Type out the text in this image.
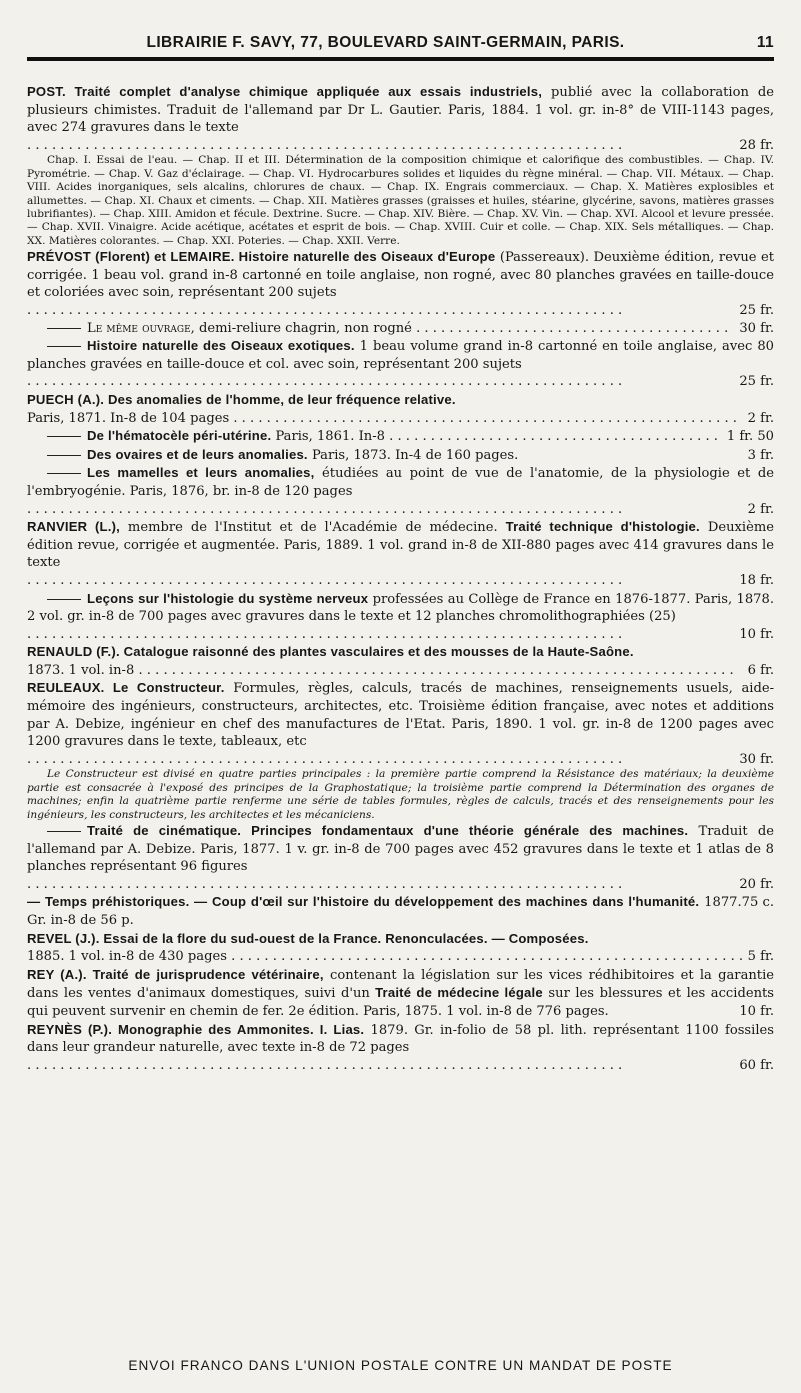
LIBRAIRIE F. SAVY, 77, BOULEVARD SAINT-GERMAIN, PARIS.	11

POST. Traité complet d'analyse chimique appliquée aux essais industriels, publié avec la collaboration de plusieurs chimistes. Traduit de l'allemand par Dr L. Gautier. Paris, 1884. 1 vol. gr. in-8° de VIII-1143 pages, avec 274 gravures dans le texte
. . .
28 fr.

Chap. I. Essai de l'eau. — Chap. II et III. Détermination de la composition chimique et calorifique des combustibles. — Chap. IV. Pyrométrie. — Chap. V. Gaz d'éclairage. — Chap. VI. Hydrocarbures solides et liquides du règne minéral. — Chap. VII. Métaux. — Chap. VIII. Acides inorganiques, sels alcalins, chlorures de chaux. — Chap. IX. Engrais commerciaux. — Chap. X. Matières explosibles et allumettes. — Chap. XI. Chaux et ciments. — Chap. XII. Matières grasses (graisses et huiles, stéarine, glycérine, savons, matières grasses lubrifiantes). — Chap. XIII. Amidon et fécule. Dextrine. Sucre. — Chap. XIV. Bière. — Chap. XV. Vin. — Chap. XVI. Alcool et levure pressée. — Chap. XVII. Vinaigre. Acide acétique, acétates et esprit de bois. — Chap. XVIII. Cuir et colle. — Chap. XIX. Sels métalliques. — Chap. XX. Matières colorantes. — Chap. XXI. Poteries. — Chap. XXII. Verre.

PRÉVOST (Florent) et LEMAIRE. Histoire naturelle des Oiseaux d'Europe (Passereaux). Deuxième édition, revue et corrigée. 1 beau vol. grand in-8 cartonné en toile anglaise, non rogné, avec 80 planches gravées en taille-douce et coloriées avec soin, représentant 200 sujets
. . .
25 fr.

Le même ouvrage, demi-reliure chagrin, non rogné . . .	30 fr.

Histoire naturelle des Oiseaux exotiques. 1 beau volume grand in-8 cartonné en toile anglaise, avec 80 planches gravées en taille-douce et col. avec soin, représentant 200 sujets
. . .
25 fr.

PUECH (A.). Des anomalies de l'homme, de leur fréquence relative.
Paris, 1871. In-8 de 104 pages . . .	2 fr.

De l'hématocèle péri-utérine. Paris, 1861. In-8 . . .	1 fr. 50

Des ovaires et de leurs anomalies. Paris, 1873. In-4 de 160 pages.	3 fr.

Les mamelles et leurs anomalies, étudiées au point de vue de l'anatomie, de la physiologie et de l'embryogénie. Paris, 1876, br. in-8 de 120 pages
. . .
2 fr.

RANVIER (L.), membre de l'Institut et de l'Académie de médecine. Traité technique d'histologie. Deuxième édition revue, corrigée et augmentée. Paris, 1889. 1 vol. grand in-8 de XII-880 pages avec 414 gravures dans le texte
. . .
18 fr.

Leçons sur l'histologie du système nerveux professées au Collège de France en 1876-1877. Paris, 1878. 2 vol. gr. in-8 de 700 pages avec gravures dans le texte et 12 planches chromolithographiées (25)
. . .
10 fr.

RENAULD (F.). Catalogue raisonné des plantes vasculaires et des mousses de la Haute-Saône.
1873. 1 vol. in-8 . . .	6 fr.

REULEAUX. Le Constructeur. Formules, règles, calculs, tracés de machines, renseignements usuels, aide-mémoire des ingénieurs, constructeurs, architectes, etc. Troisième édition française, avec notes et additions par A. Debize, ingénieur en chef des manufactures de l'Etat. Paris, 1890. 1 vol. gr. in-8 de 1200 pages avec 1200 gravures dans le texte, tableaux, etc
. . .
30 fr.

Le Constructeur est divisé en quatre parties principales : la première partie comprend la Résistance des matériaux; la deuxième partie est consacrée à l'exposé des principes de la Graphostatique; la troisième partie comprend la Détermination des organes de machines; enfin la quatrième partie renferme une série de tables formules, règles de calculs, tracés et des renseignements pour les ingénieurs, les constructeurs, les architectes et les mécaniciens.

Traité de cinématique. Principes fondamentaux d'une théorie générale des machines. Traduit de l'allemand par A. Debize. Paris, 1877. 1 v. gr. in-8 de 700 pages avec 452 gravures dans le texte et 1 atlas de 8 planches représentant 96 figures
. . .
20 fr.

— Temps préhistoriques. — Coup d'œil sur l'histoire du développement des machines dans l'humanité. 1877. Gr. in-8 de 56 p.
75 c.

REVEL (J.). Essai de la flore du sud-ouest de la France. Renonculacées. — Composées.
1885. 1 vol. in-8 de 430 pages . . .	5 fr.

REY (A.). Traité de jurisprudence vétérinaire, contenant la législation sur les vices rédhibitoires et la garantie dans les ventes d'animaux domestiques, suivi d'un Traité de médecine légale sur les blessures et les accidents qui peuvent survenir en chemin de fer. 2e édition. Paris, 1875. 1 vol. in-8 de 776 pages.	10 fr.

REYNÈS (P.). Monographie des Ammonites. I. Lias. 1879. Gr. in-folio de 58 pl. lith. représentant 1100 fossiles dans leur grandeur naturelle, avec texte in-8 de 72 pages
. . .
60 fr.

ENVOI FRANCO DANS L'UNION POSTALE CONTRE UN MANDAT DE POSTE
